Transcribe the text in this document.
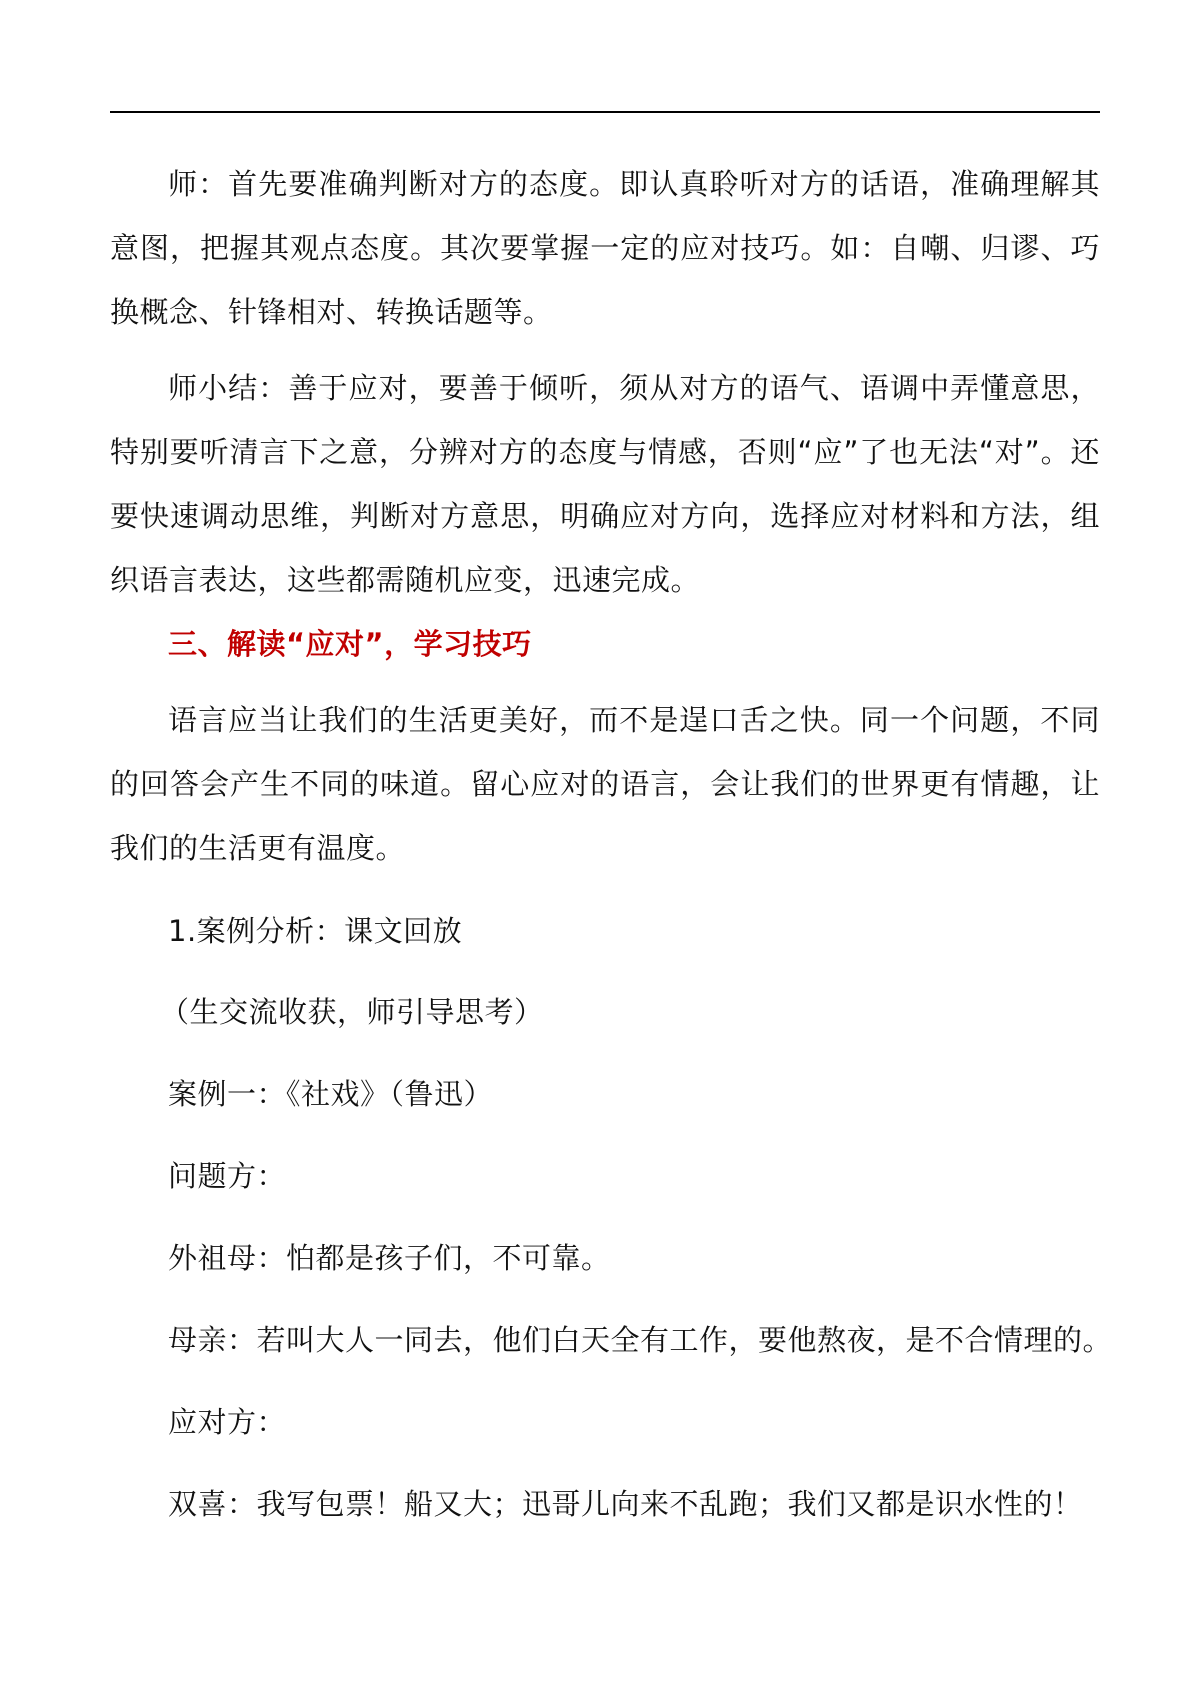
师：首先要准确判断对方的态度。即认真聆听对方的话语，准确理解其意图，把握其观点态度。其次要掌握一定的应对技巧。如：自嘲、归谬、巧换概念、针锋相对、转换话题等。

师小结：善于应对，要善于倾听，须从对方的语气、语调中弄懂意思，特别要听清言下之意，分辨对方的态度与情感，否则“应”了也无法“对”。还要快速调动思维，判断对方意思，明确应对方向，选择应对材料和方法，组织语言表达，这些都需随机应变，迅速完成。

三、解读“应对”，学习技巧

语言应当让我们的生活更美好，而不是逞口舌之快。同一个问题，不同的回答会产生不同的味道。留心应对的语言，会让我们的世界更有情趣，让我们的生活更有温度。

1.案例分析：课文回放

（生交流收获，师引导思考）

案例一：《社戏》（鲁迅）

问题方：

外祖母：怕都是孩子们，不可靠。

母亲：若叫大人一同去，他们白天全有工作，要他熬夜，是不合情理的。

应对方：

双喜：我写包票！船又大；迅哥儿向来不乱跑；我们又都是识水性的！
